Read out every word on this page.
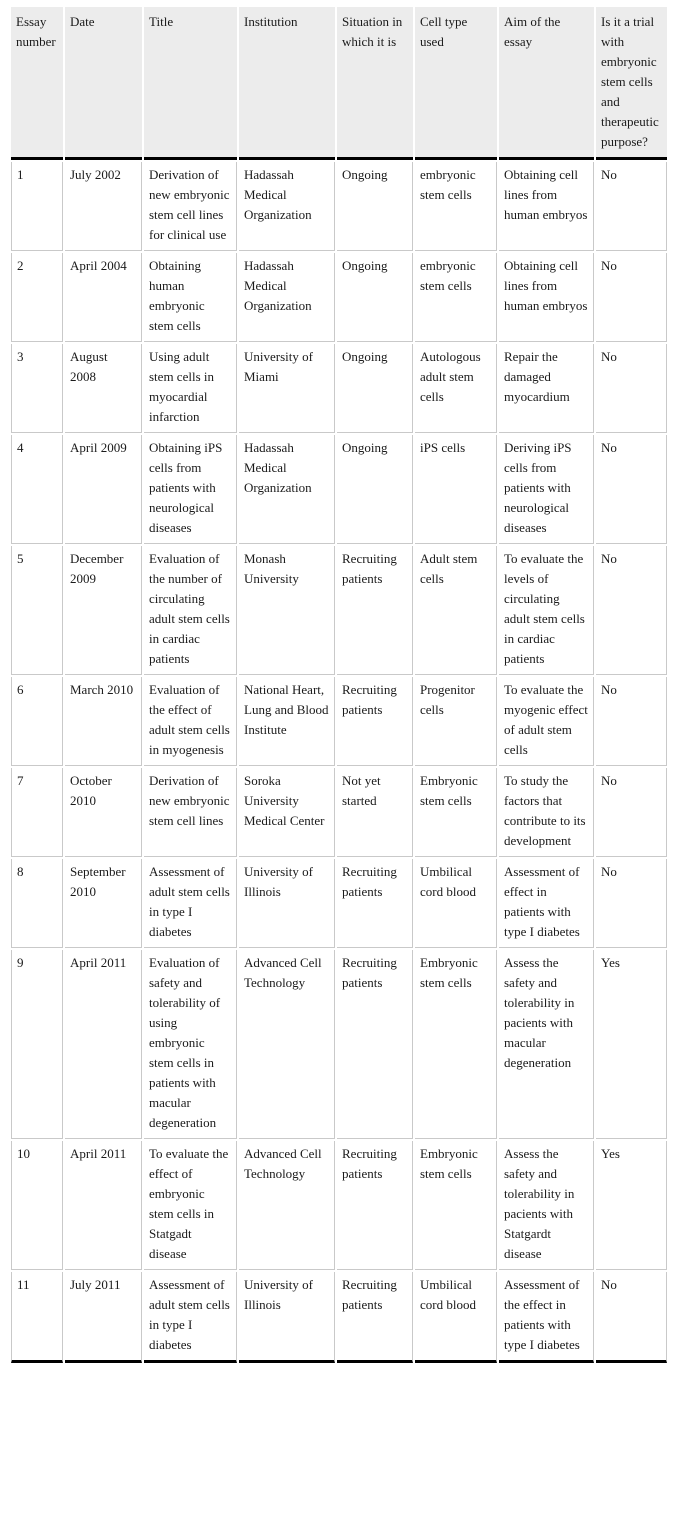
Essay number	Date	Title	Institution	Situation in which it is	Cell type used	Aim of the essay	Is it a trial with embryonic stem cells and therapeutic purpose?
1	July 2002	Derivation of new embryonic stem cell lines for clinical use	Hadassah Medical Organization	Ongoing	embryonic stem cells	Obtaining cell lines from human embryos	No
2	April 2004	Obtaining human embryonic stem cells	Hadassah Medical Organization	Ongoing	embryonic stem cells	Obtaining cell lines from human embryos	No
3	August 2008	Using adult stem cells in myocardial infarction	University of Miami	Ongoing	Autologous adult stem cells	Repair the damaged myocardium	No
4	April 2009	Obtaining iPS cells from patients with neurological diseases	Hadassah Medical Organization	Ongoing	iPS cells	Deriving iPS cells from patients with neurological diseases	No
5	December 2009	Evaluation of the number of circulating adult stem cells in cardiac patients	Monash University	Recruiting patients	Adult stem cells	To evaluate the levels of circulating adult stem cells in cardiac patients	No
6	March 2010	Evaluation of the effect of adult stem cells in myogenesis	National Heart, Lung and Blood Institute	Recruiting patients	Progenitor cells	To evaluate the myogenic effect of adult stem cells	No
7	October 2010	Derivation of new embryonic stem cell lines	Soroka University Medical Center	Not yet started	Embryonic stem cells	To study the factors that contribute to its development	No
8	September 2010	Assessment of adult stem cells in type I diabetes	University of Illinois	Recruiting patients	Umbilical cord blood	Assessment of effect in patients with type I diabetes	No
9	April 2011	Evaluation of safety and tolerability of using embryonic stem cells in patients with macular degeneration	Advanced Cell Technology	Recruiting patients	Embryonic stem cells	Assess the safety and tolerability in pacients with macular degeneration	Yes
10	April 2011	To evaluate the effect of embryonic stem cells in Statgadt disease	Advanced Cell Technology	Recruiting patients	Embryonic stem cells	Assess the safety and tolerability in pacients with Statgardt disease	Yes
11	July 2011	Assessment of adult stem cells in type I diabetes	University of Illinois	Recruiting patients	Umbilical cord blood	Assessment of the effect in patients with type I diabetes	No
